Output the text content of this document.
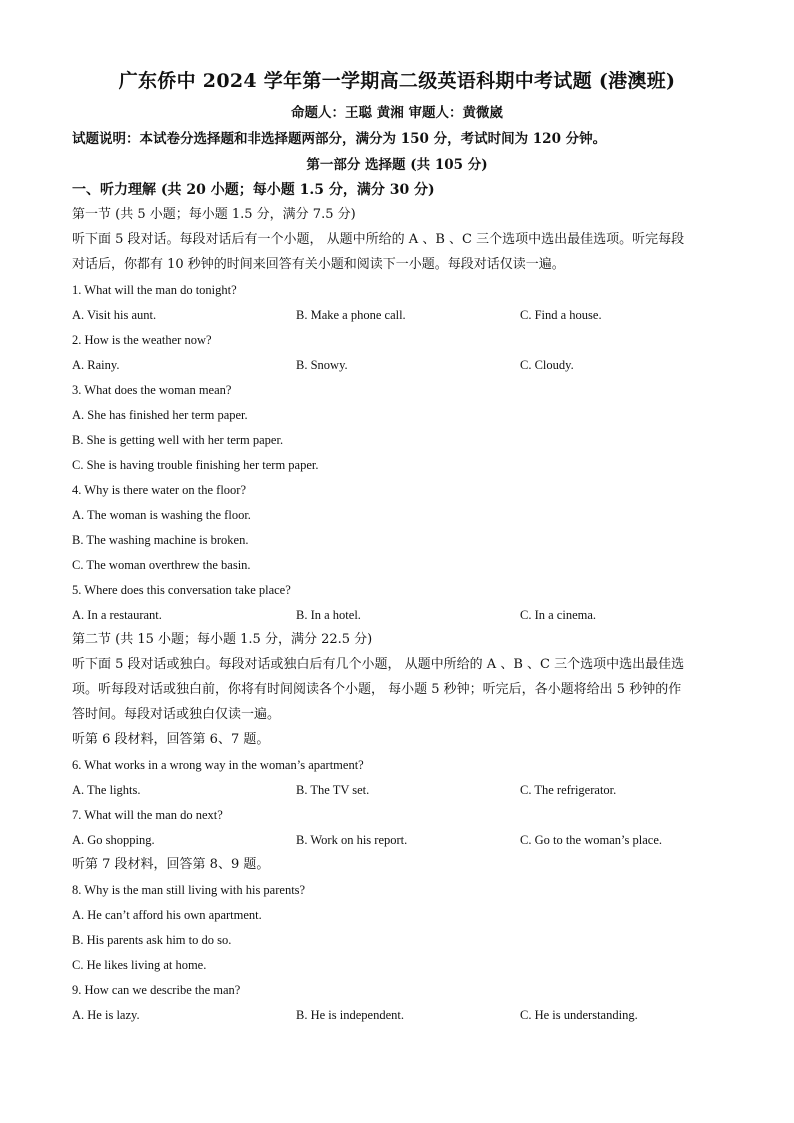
广东侨中 2024 学年第一学期高二级英语科期中考试题 (港澳班)
命题人：王聪 黄湘 审题人：黄微崴
试题说明：本试卷分选择题和非选择题两部分，满分为 150 分，考试时间为 120 分钟。
第一部分 选择题 (共 105 分)
一、听力理解 (共 20 小题；每小题 1.5 分，满分 30 分)
第一节 (共 5 小题；每小题 1.5 分，满分 7.5 分)
听下面 5 段对话。每段对话后有一个小题， 从题中所给的 A 、B 、C 三个选项中选出最佳选项。听完每段
对话后，你都有 10 秒钟的时间来回答有关小题和阅读下一小题。每段对话仅读一遍。
1. What will the man do tonight?
A. Visit his aunt.	B. Make a phone call.	C. Find a house.
2. How is the weather now?
A. Rainy.	B. Snowy.	C. Cloudy.
3. What does the woman mean?
A. She has finished her term paper.
B. She is getting well with her term paper.
C. She is having trouble finishing her term paper.
4. Why is there water on the floor?
A. The woman is washing the floor.
B. The washing machine is broken.
C. The woman overthrew the basin.
5. Where does this conversation take place?
A. In a restaurant.	B. In a hotel.	C. In a cinema.
第二节 (共 15 小题；每小题 1.5 分，满分 22.5 分)
听下面 5 段对话或独白。每段对话或独白后有几个小题， 从题中所给的 A 、B 、C 三个选项中选出最佳选
项。听每段对话或独白前，你将有时间阅读各个小题， 每小题 5 秒钟；听完后，各小题将给出 5 秒钟的作
答时间。每段对话或独白仅读一遍。
听第 6 段材料，回答第 6、7 题。
6. What works in a wrong way in the woman’s apartment?
A. The lights.	B. The TV set.	C. The refrigerator.
7. What will the man do next?
A. Go shopping.	B. Work on his report.	C. Go to the woman’s place.
听第 7 段材料，回答第 8、9 题。
8. Why is the man still living with his parents?
A. He can’t afford his own apartment.
B. His parents ask him to do so.
C. He likes living at home.
9. How can we describe the man?
A. He is lazy.	B. He is independent.	C. He is understanding.
